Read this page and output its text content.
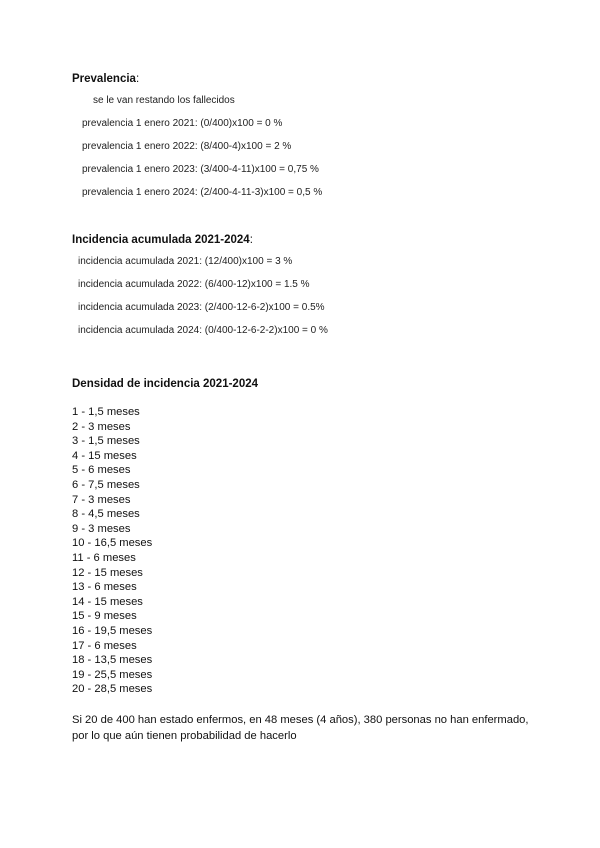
Prevalencia:
se le van restando los fallecidos
prevalencia 1 enero 2021: (0/400)x100 = 0 %
prevalencia 1 enero 2022: (8/400-4)x100 = 2 %
prevalencia 1 enero 2023: (3/400-4-11)x100 = 0,75 %
prevalencia 1 enero 2024: (2/400-4-11-3)x100 = 0,5 %
Incidencia acumulada 2021-2024:
incidencia acumulada 2021: (12/400)x100 = 3 %
incidencia acumulada 2022: (6/400-12)x100 = 1.5 %
incidencia acumulada 2023: (2/400-12-6-2)x100 = 0.5%
incidencia acumulada 2024: (0/400-12-6-2-2)x100 = 0 %
Densidad de incidencia 2021-2024
1 - 1,5 meses
2 - 3 meses
3 - 1,5 meses
4 - 15 meses
5 - 6 meses
6 - 7,5 meses
7 - 3 meses
8 - 4,5 meses
9 - 3 meses
10 - 16,5 meses
11 - 6 meses
12 - 15 meses
13 - 6 meses
14 - 15 meses
15 - 9 meses
16 - 19,5 meses
17 - 6 meses
18 - 13,5 meses
19 - 25,5 meses
20 - 28,5 meses

Si 20 de 400 han estado enfermos, en 48 meses (4 años), 380 personas no han enfermado, por lo que aún tienen probabilidad de hacerlo
